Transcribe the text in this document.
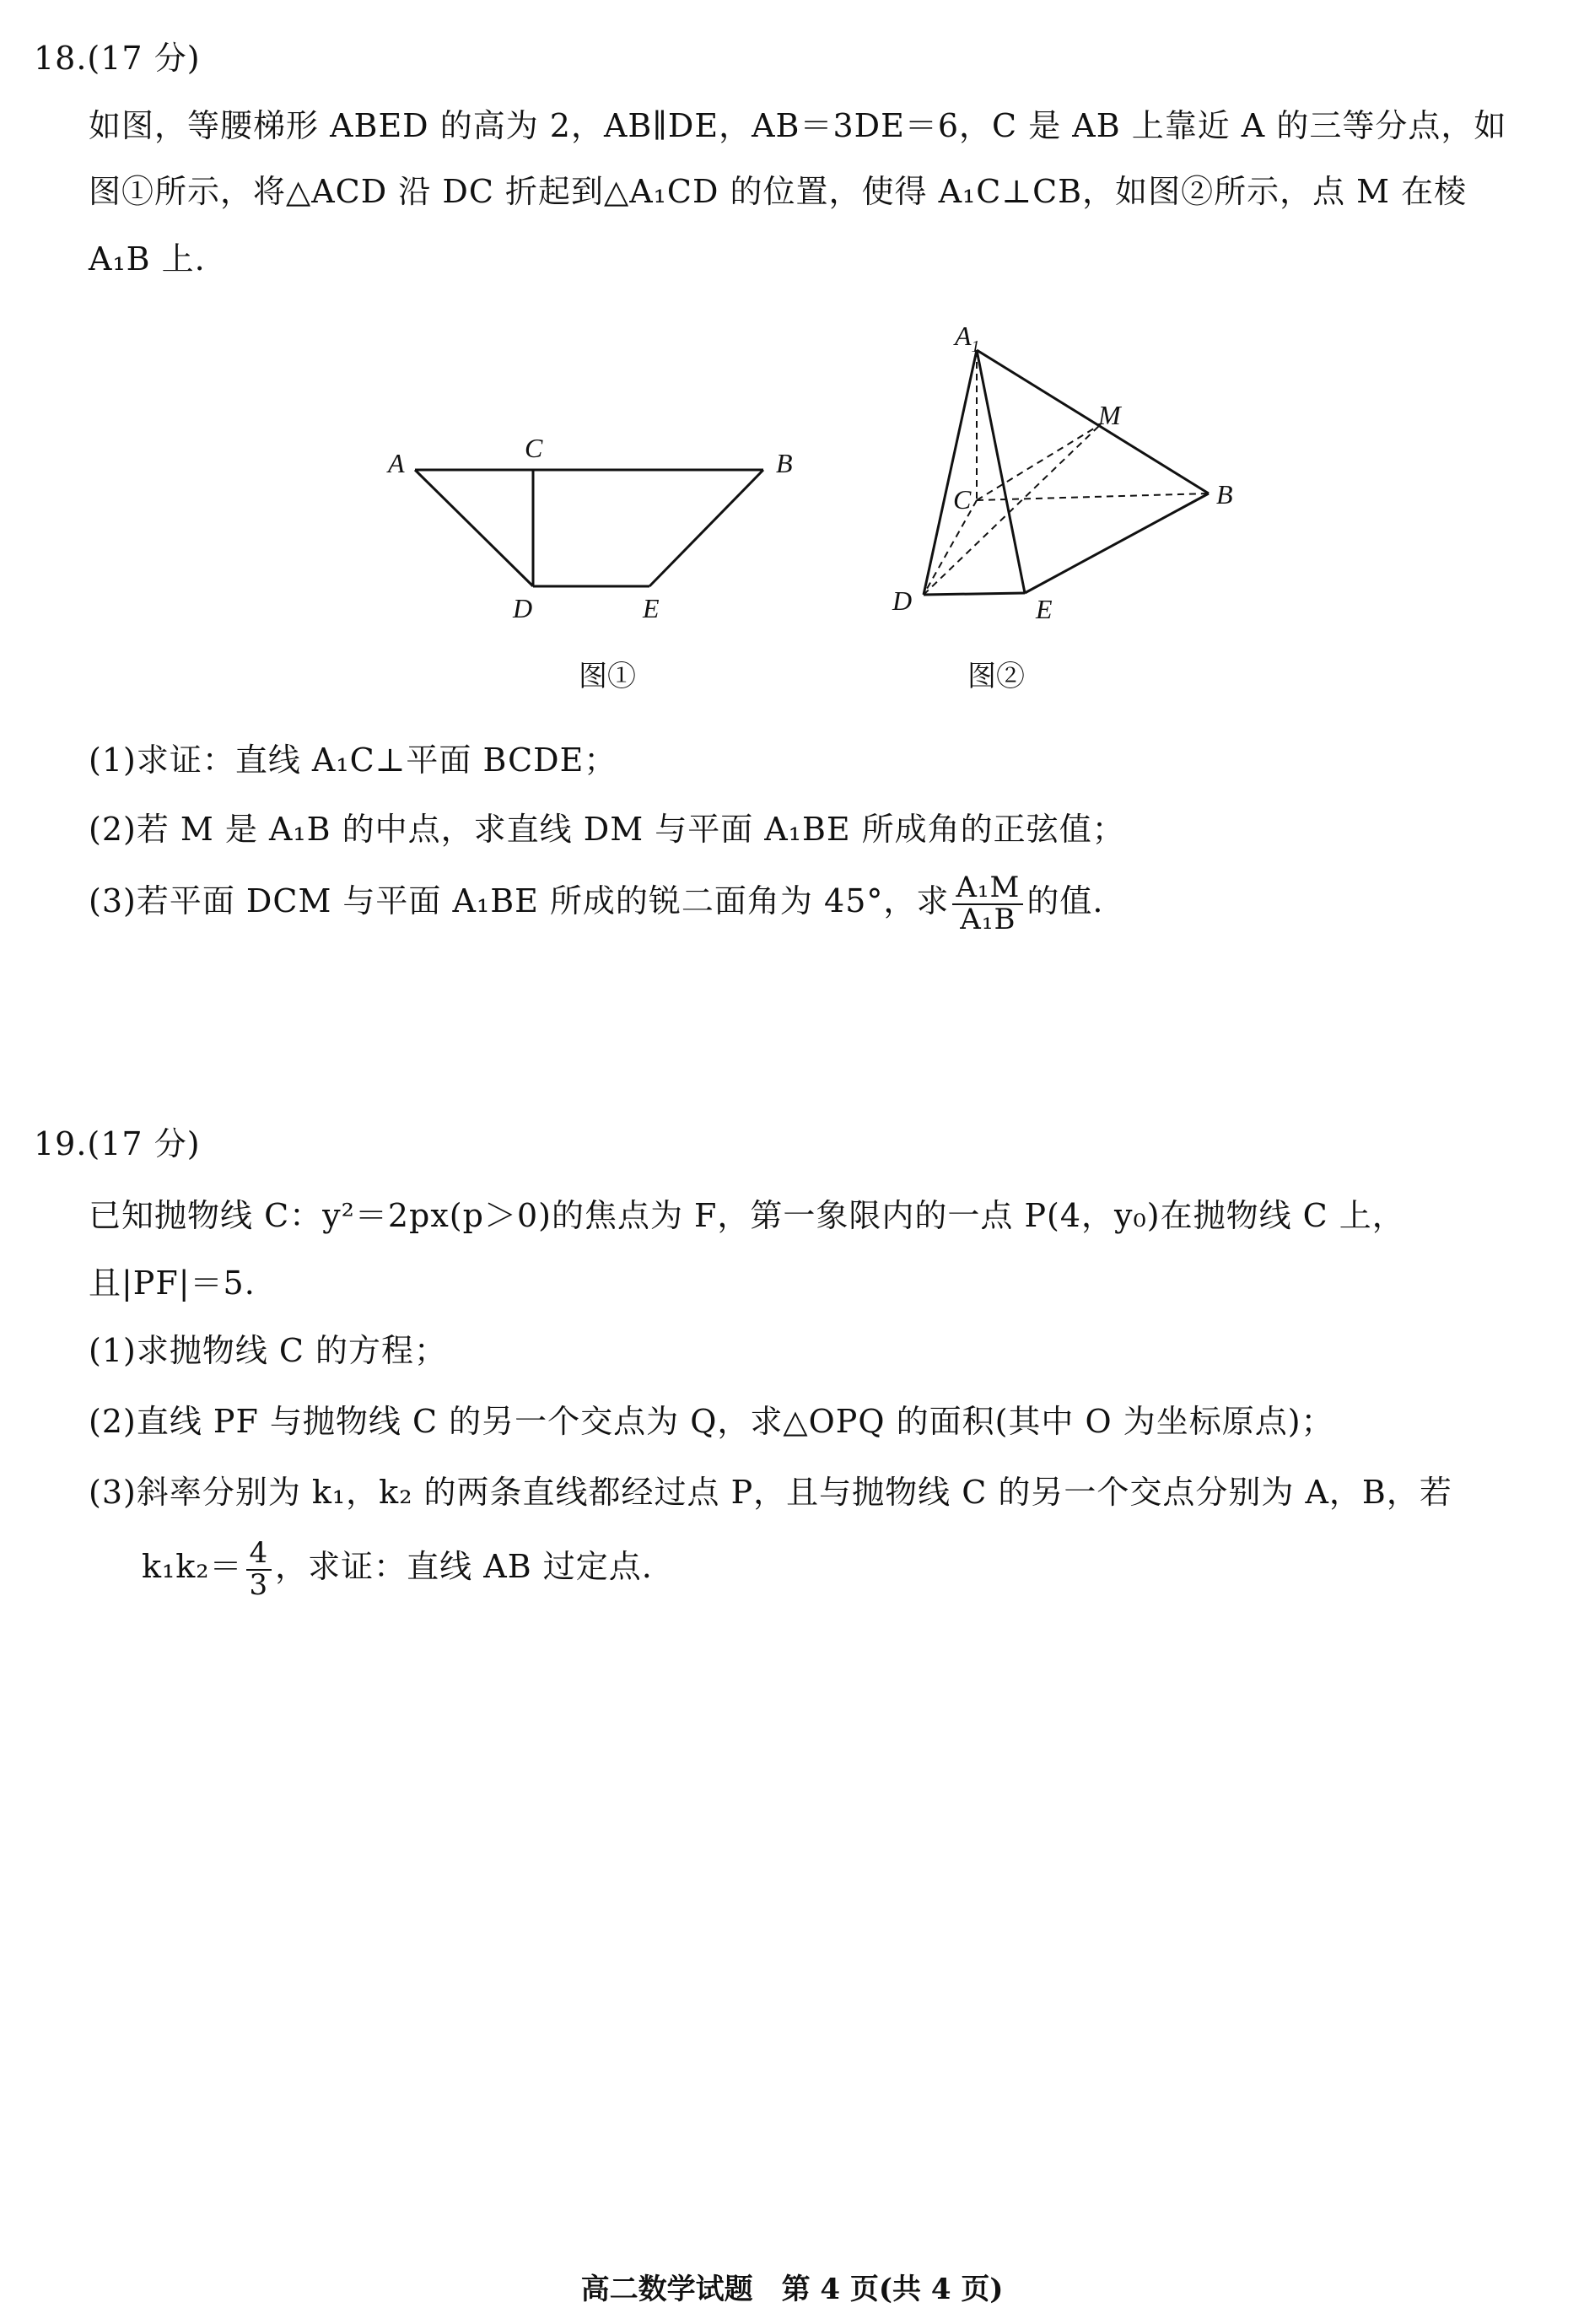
18.(17 分)
如图，等腰梯形 ABED 的高为 2，AB∥DE，AB＝3DE＝6，C 是 AB 上靠近 A 的三等分点，如
图①所示，将△ACD 沿 DC 折起到△A₁CD 的位置，使得 A₁C⊥CB，如图②所示，点 M 在棱
A₁B 上.
A	C	B
D	E
图①
$A_1$
M
B
C
D	E
图②
(1)求证：直线 A₁C⊥平面 BCDE；
(2)若 M 是 A₁B 的中点，求直线 DM 与平面 A₁BE 所成角的正弦值；
(3)若平面 DCM 与平面 A₁BE 所成的锐二面角为 45°，求 $\frac{\text{A₁M}}{\text{A₁B}}$ 的值.
19.(17 分)
已知抛物线 C：y²＝2px(p＞0)的焦点为 F，第一象限内的一点 P(4，y₀)在抛物线 C 上，
且|PF|＝5.
(1)求抛物线 C 的方程；
(2)直线 PF 与抛物线 C 的另一个交点为 Q，求△OPQ 的面积(其中 O 为坐标原点)；
(3)斜率分别为 k₁，k₂ 的两条直线都经过点 P，且与抛物线 C 的另一个交点分别为 A，B，若
$k_1k_2= \frac{4}{3}$ ，求证：直线 AB 过定点.
高二数学试题　第 4 页(共 4 页)
